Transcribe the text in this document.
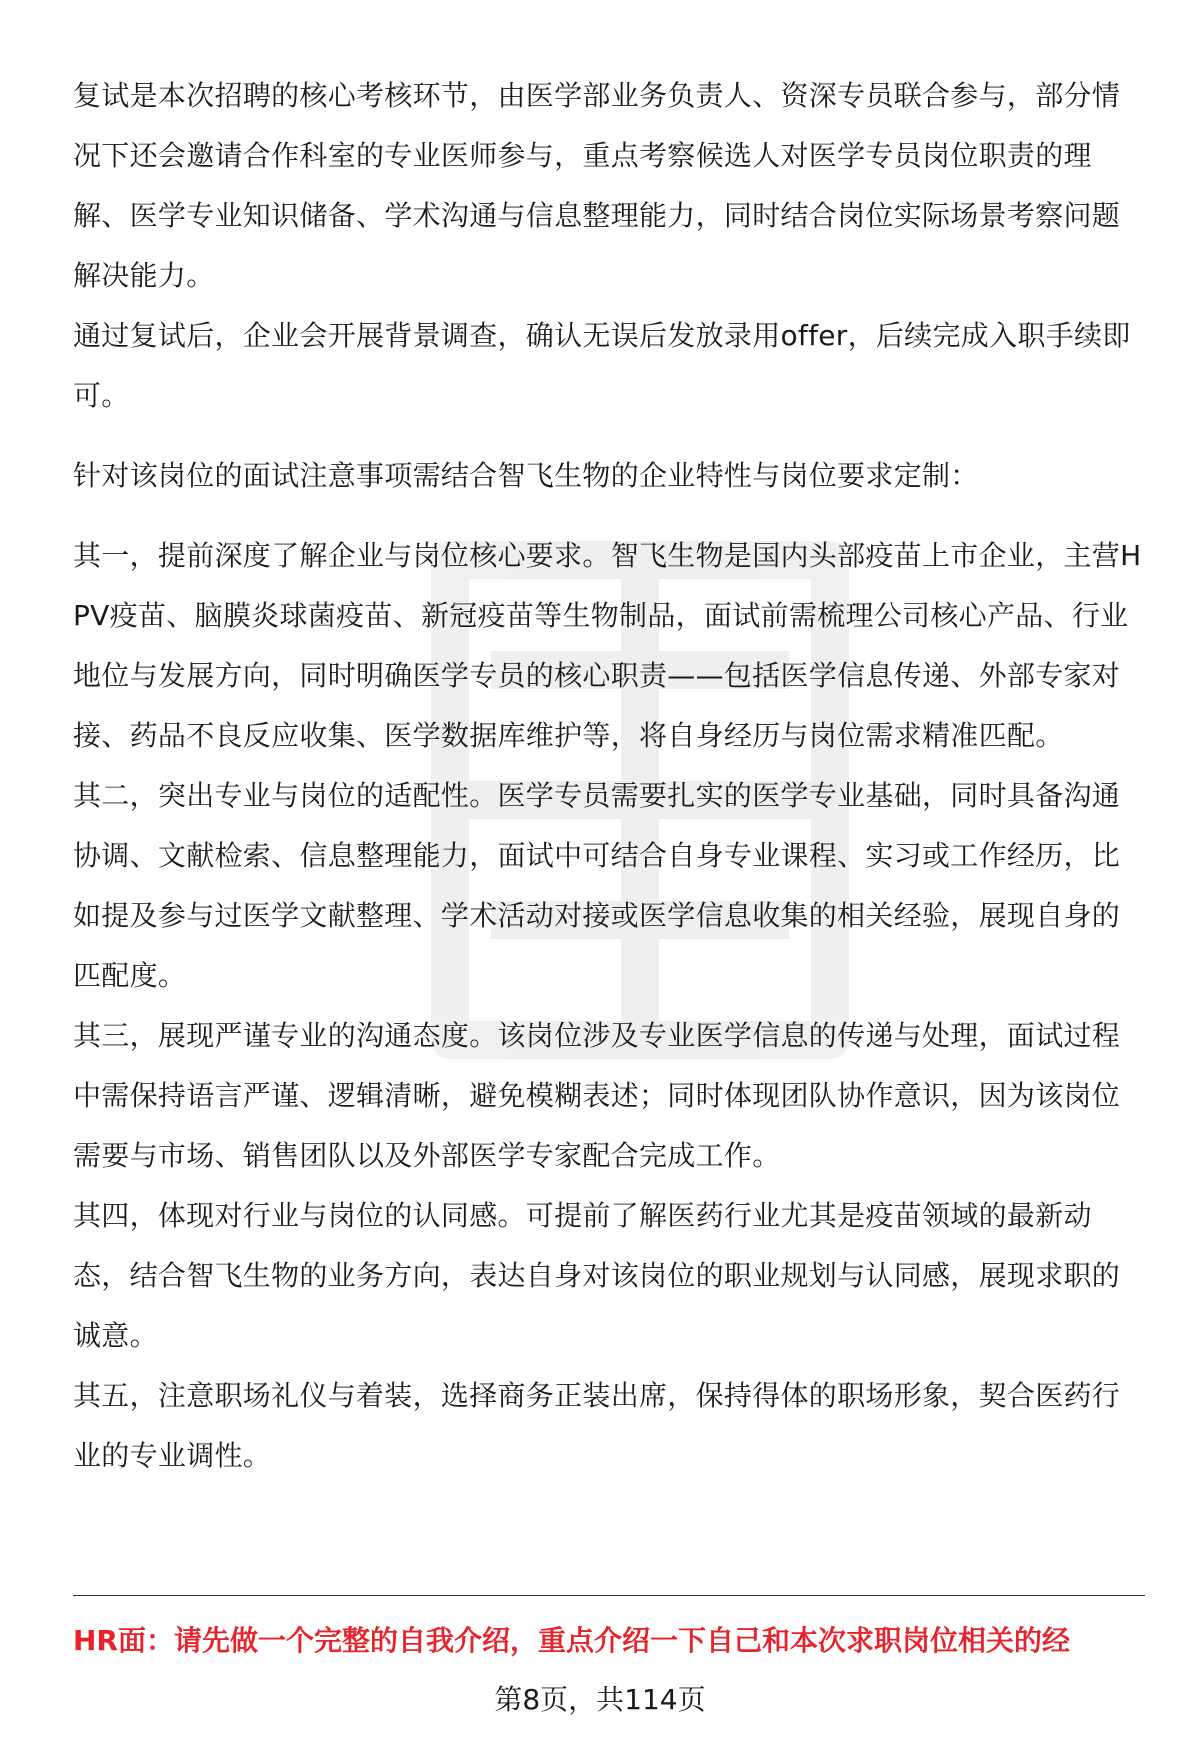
复试是本次招聘的核心考核环节，由医学部业务负责人、资深专员联合参与，部分情况下还会邀请合作科室的专业医师参与，重点考察候选人对医学专员岗位职责的理解、医学专业知识储备、学术沟通与信息整理能力，同时结合岗位实际场景考察问题解决能力。

通过复试后，企业会开展背景调查，确认无误后发放录用offer，后续完成入职手续即可。

针对该岗位的面试注意事项需结合智飞生物的企业特性与岗位要求定制：

其一，提前深度了解企业与岗位核心要求。智飞生物是国内头部疫苗上市企业，主营HPV疫苗、脑膜炎球菌疫苗、新冠疫苗等生物制品，面试前需梳理公司核心产品、行业地位与发展方向，同时明确医学专员的核心职责——包括医学信息传递、外部专家对接、药品不良反应收集、医学数据库维护等，将自身经历与岗位需求精准匹配。

其二，突出专业与岗位的适配性。医学专员需要扎实的医学专业基础，同时具备沟通协调、文献检索、信息整理能力，面试中可结合自身专业课程、实习或工作经历，比如提及参与过医学文献整理、学术活动对接或医学信息收集的相关经验，展现自身的匹配度。

其三，展现严谨专业的沟通态度。该岗位涉及专业医学信息的传递与处理，面试过程中需保持语言严谨、逻辑清晰，避免模糊表述；同时体现团队协作意识，因为该岗位需要与市场、销售团队以及外部医学专家配合完成工作。

其四，体现对行业与岗位的认同感。可提前了解医药行业尤其是疫苗领域的最新动态，结合智飞生物的业务方向，表达自身对该岗位的职业规划与认同感，展现求职的诚意。

其五，注意职场礼仪与着装，选择商务正装出席，保持得体的职场形象，契合医药行业的专业调性。

HR面：请先做一个完整的自我介绍，重点介绍一下自己和本次求职岗位相关的经
第8页，共114页
